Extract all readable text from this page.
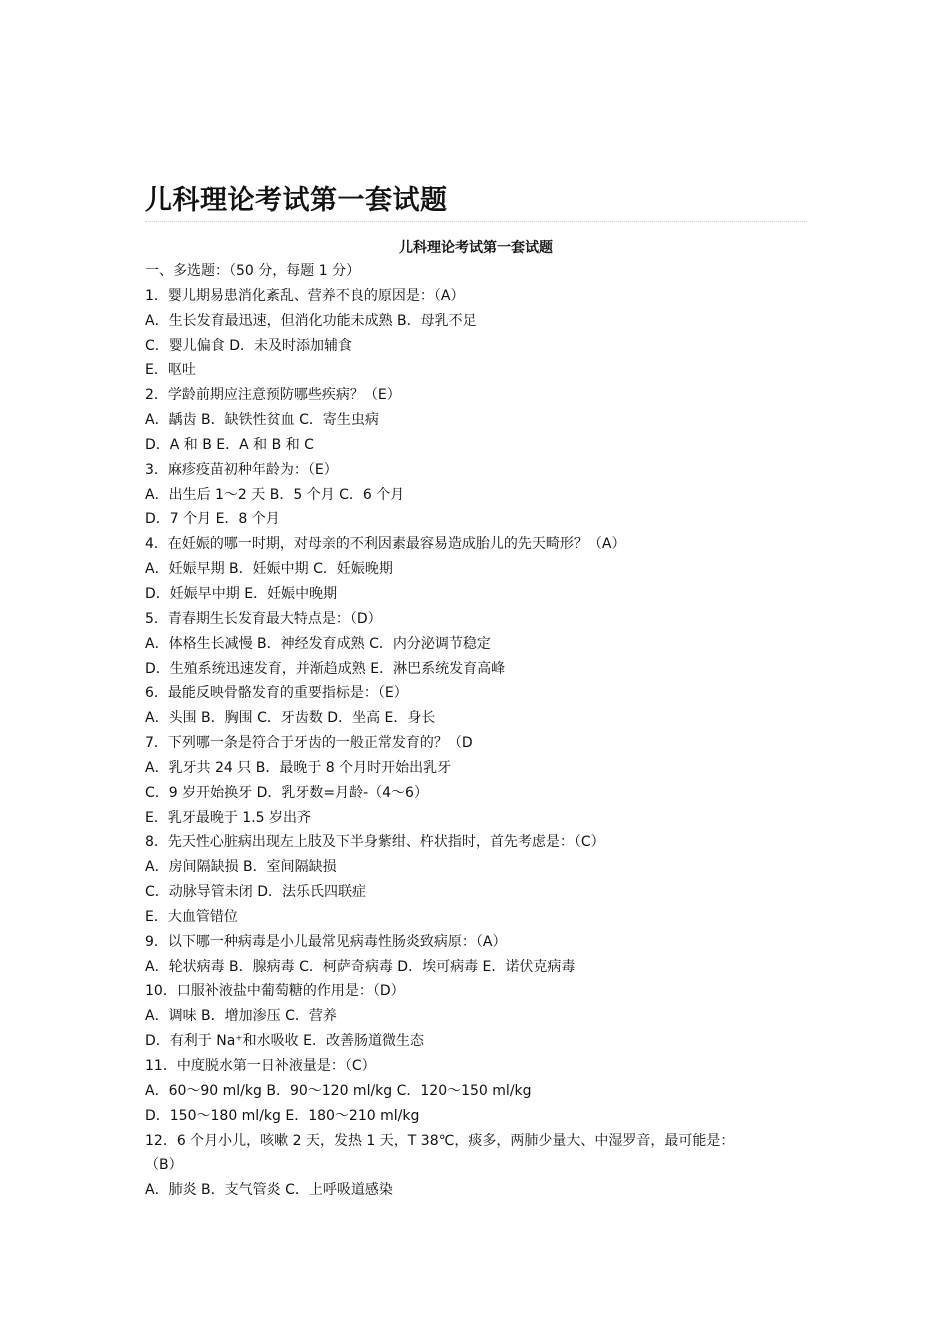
儿科理论考试第一套试题
儿科理论考试第一套试题
一、多选题：（50 分，每题 1 分）
1．婴儿期易患消化紊乱、营养不良的原因是：（A）
A．生长发育最迅速，但消化功能未成熟 B．母乳不足
C．婴儿偏食 D．未及时添加辅食
E．呕吐
2．学龄前期应注意预防哪些疾病？（E）
A．龋齿 B．缺铁性贫血 C．寄生虫病
D．A 和 B E．A 和 B 和 C
3．麻疹疫苗初种年龄为：（E）
A．出生后 1～2 天 B．5 个月 C．6 个月
D．7 个月 E．8 个月
4．在妊娠的哪一时期，对母亲的不利因素最容易造成胎儿的先天畸形？（A）
A．妊娠早期 B．妊娠中期 C．妊娠晚期
D．妊娠早中期 E．妊娠中晚期
5．青春期生长发育最大特点是：（D）
A．体格生长减慢 B．神经发育成熟 C．内分泌调节稳定
D．生殖系统迅速发育，并渐趋成熟 E．淋巴系统发育高峰
6．最能反映骨骼发育的重要指标是：（E）
A．头围 B．胸围 C．牙齿数 D．坐高 E．身长
7．下列哪一条是符合于牙齿的一般正常发育的？（D
A．乳牙共 24 只 B．最晚于 8 个月时开始出乳牙
C．9 岁开始换牙 D．乳牙数=月龄-（4～6）
E．乳牙最晚于 1.5 岁出齐
8．先天性心脏病出现左上肢及下半身紫绀、杵状指时，首先考虑是：（C）
A．房间隔缺损 B．室间隔缺损
C．动脉导管未闭 D．法乐氏四联症
E．大血管错位
9．以下哪一种病毒是小儿最常见病毒性肠炎致病原：（A）
A．轮状病毒 B．腺病毒 C．柯萨奇病毒 D．埃可病毒 E．诺伏克病毒
10．口服补液盐中葡萄糖的作用是：（D）
A．调味 B．增加渗压 C．营养
D．有利于 Na⁺和水吸收 E．改善肠道微生态
11．中度脱水第一日补液量是：（C）
A．60～90 ml/kg B．90～120 ml/kg C．120～150 ml/kg
D．150～180 ml/kg E．180～210 ml/kg
12．6 个月小儿，咳嗽 2 天，发热 1 天，T 38℃，痰多，两肺少量大、中湿罗音，最可能是：
（B）
A．肺炎 B．支气管炎 C．上呼吸道感染
